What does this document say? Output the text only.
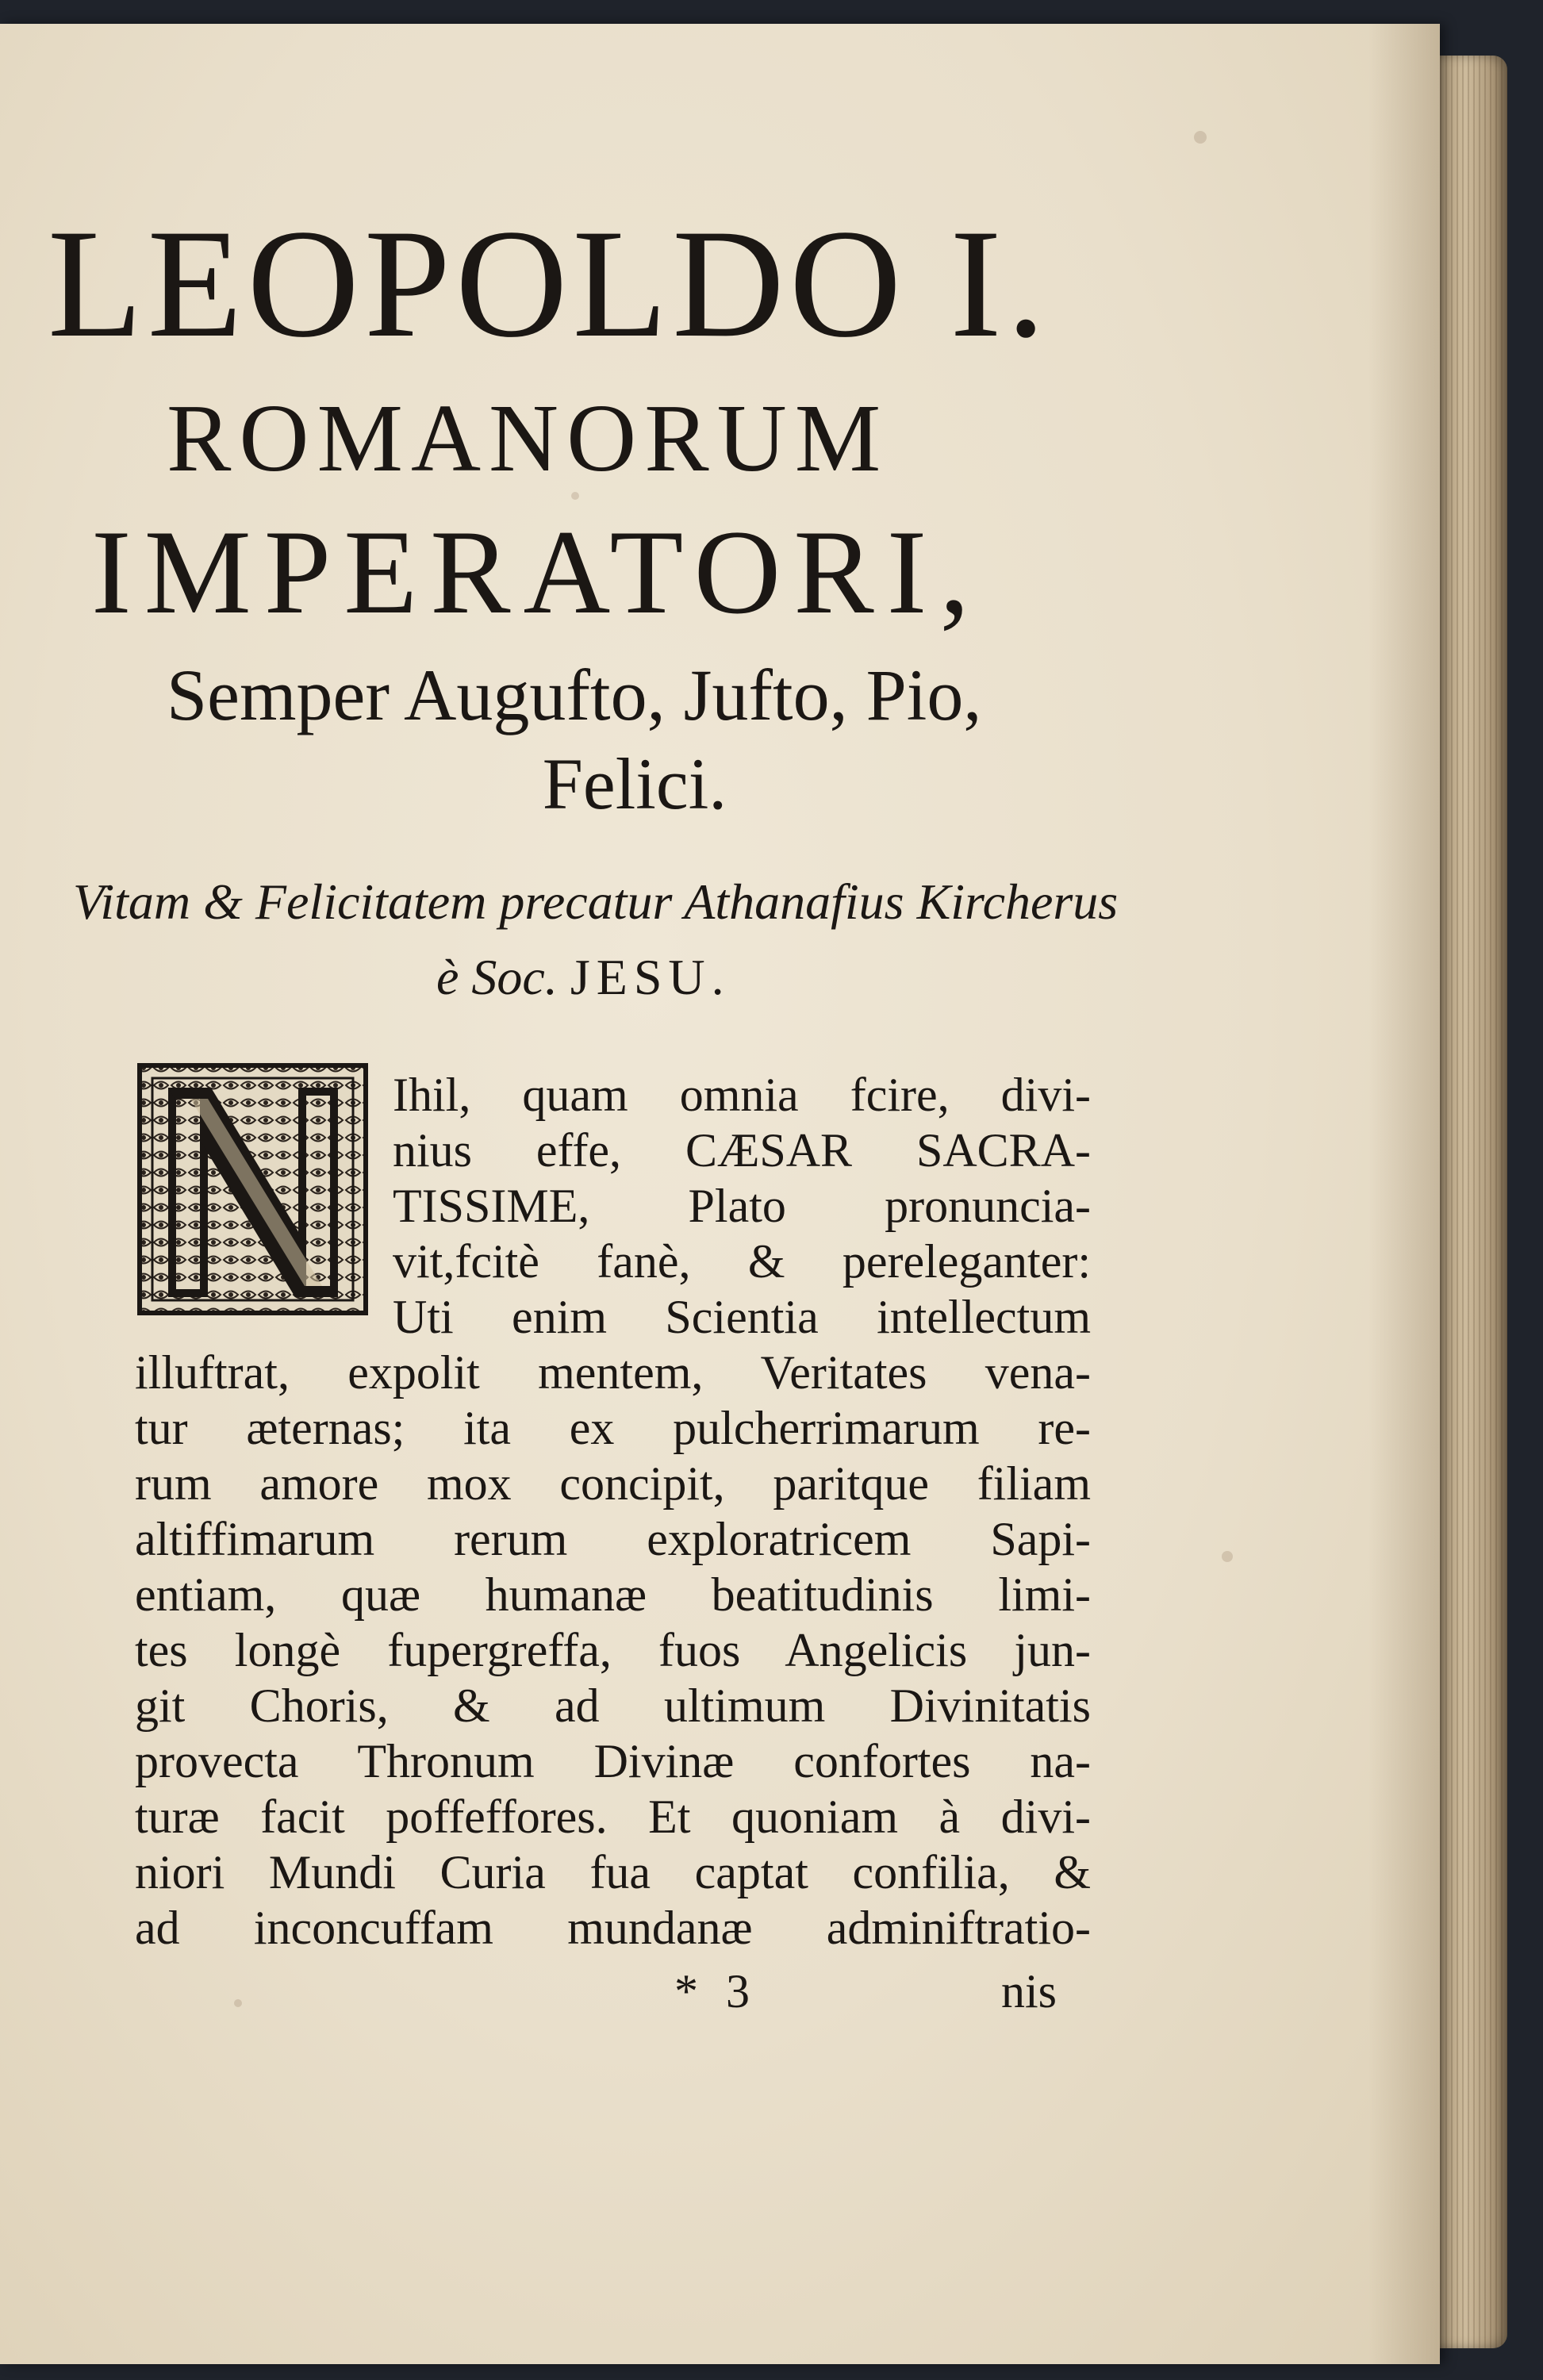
LEOPOLDO I.
ROMANORUM
IMPERATORI,
Semper Augufto, Jufto, Pio,
Felici.
Vitam & Felicitatem precatur Athanafius Kircherus
è Soc. JESU.
Ihil, quam omnia fcire, divi-
nius effe, CÆSAR SACRA-
TISSIME, Plato pronuncia-
vit,fcitè fanè, & pereleganter:
Uti enim Scientia intellectum
illuftrat, expolit mentem, Veritates vena-
tur æternas; ita ex pulcherrimarum re-
rum amore mox concipit, paritque filiam
altiffimarum rerum exploratricem Sapi-
entiam, quæ humanæ beatitudinis limi-
tes longè fupergreffa, fuos Angelicis jun-
git Choris, & ad ultimum Divinitatis
provecta Thronum Divinæ confortes na-
turæ facit poffeffores. Et quoniam à divi-
niori Mundi Curia fua captat confilia, &
ad inconcuffam mundanæ adminiftratio-
* 3	nis
